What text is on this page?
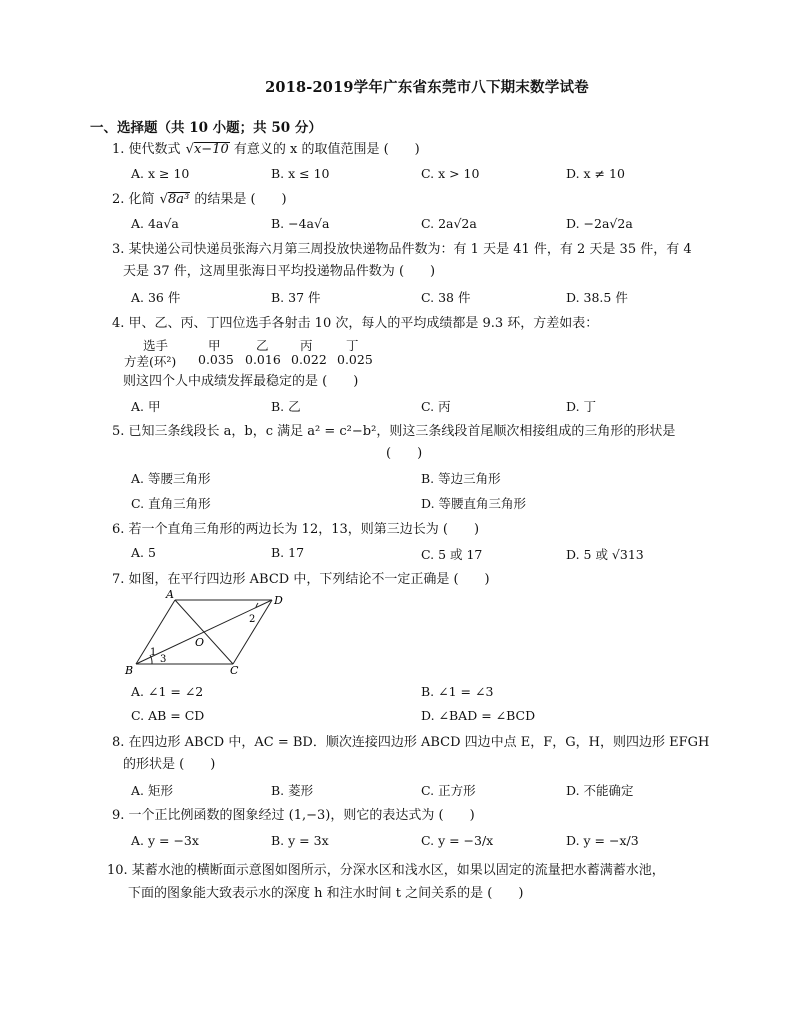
2018-2019学年广东省东莞市八下期末数学试卷
一、选择题（共 10 小题；共 50 分）
1. 使代数式 √ x−10 有意义的 x 的取值范围是 (　　)
A. x ≥ 10	B. x ≤ 10	C. x > 10	D. x ≠ 10
2. 化简 √ 8a³ 的结果是 (　　)
A. 4a√a	B. −4a√a	C. 2a√2a	D. −2a√2a
3. 某快递公司快递员张海六月第三周投放快递物品件数为：有 1 天是 41 件，有 2 天是 35 件，有 4
天是 37 件，这周里张海日平均投递物品件数为 (　　)
A. 36 件	B. 37 件	C. 38 件	D. 38.5 件
4. 甲、乙、丙、丁四位选手各射击 10 次，每人的平均成绩都是 9.3 环，方差如表：
选手	甲	乙	丙	丁
方差(环²) 0.035 0.016 0.022 0.025
则这四个人中成绩发挥最稳定的是 (　　)
A. 甲	B. 乙	C. 丙	D. 丁
5. 已知三条线段长 a，b，c 满足 a² = c²−b²，则这三条线段首尾顺次相接组成的三角形的形状是
(　　)
A. 等腰三角形	B. 等边三角形
C. 直角三角形	D. 等腰直角三角形
6. 若一个直角三角形的两边长为 12，13，则第三边长为 (　　)
A. 5	B. 17	C. 5 或 17	D. 5 或 √313
7. 如图，在平行四边形 ABCD 中，下列结论不一定正确是 (　　)
A	D
B	C
O
1
2
3
A. ∠1 = ∠2	B. ∠1 = ∠3
C. AB = CD	D. ∠BAD = ∠BCD
8. 在四边形 ABCD 中，AC = BD．顺次连接四边形 ABCD 四边中点 E，F，G，H，则四边形 EFGH
的形状是 (　　)
A. 矩形	B. 菱形	C. 正方形	D. 不能确定
9. 一个正比例函数的图象经过 (1,−3)，则它的表达式为 (　　)
A. y = −3x	B. y = 3x	C. y = −3/x	D. y = −x/3
10. 某蓄水池的横断面示意图如图所示，分深水区和浅水区，如果以固定的流量把水蓄满蓄水池，
下面的图象能大致表示水的深度 h 和注水时间 t 之间关系的是 (　　)
